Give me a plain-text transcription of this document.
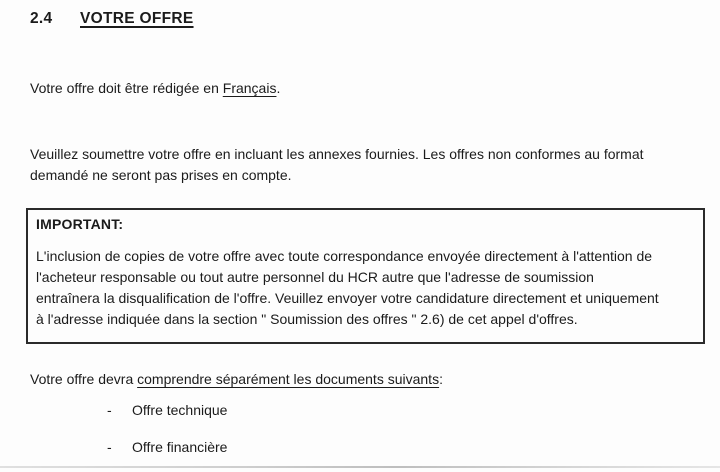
2.4	VOTRE OFFRE
Votre offre doit être rédigée en Français.
Veuillez soumettre votre offre en incluant les annexes fournies. Les offres non conformes au format
demandé ne seront pas prises en compte.
IMPORTANT:
L'inclusion de copies de votre offre avec toute correspondance envoyée directement à l'attention de
l'acheteur responsable ou tout autre personnel du HCR autre que l'adresse de soumission
entraînera la disqualification de l'offre. Veuillez envoyer votre candidature directement et uniquement
à l'adresse indiquée dans la section " Soumission des offres " 2.6) de cet appel d'offres.
Votre offre devra comprendre séparément les documents suivants:
- Offre technique
- Offre financière
